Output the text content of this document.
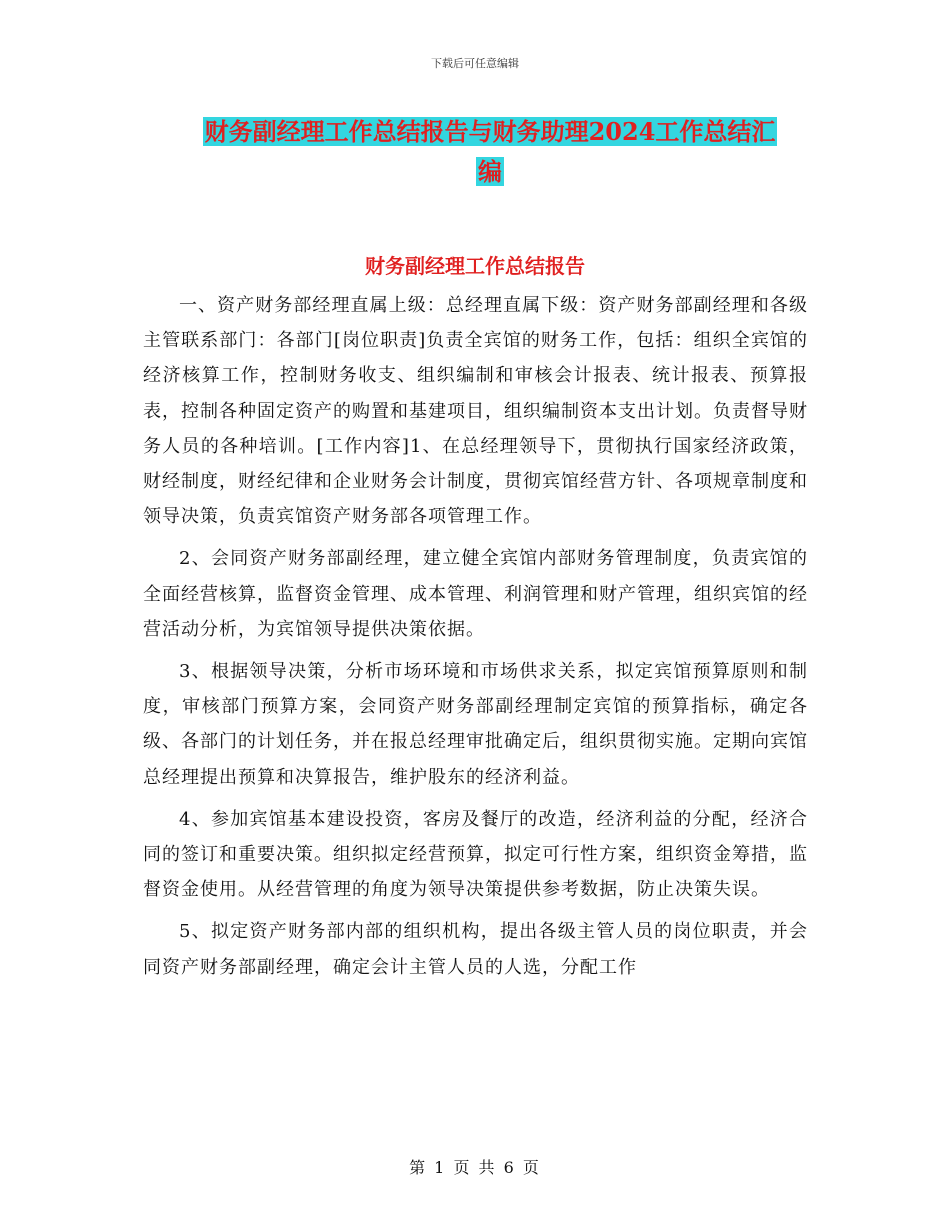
下载后可任意编辑
财务副经理工作总结报告与财务助理2024工作总结汇
编
财务副经理工作总结报告

一、资产财务部经理直属上级：总经理直属下级：资产财务部副经理和各级主管联系部门：各部门[岗位职责]负责全宾馆的财务工作，包括：组织全宾馆的经济核算工作，控制财务收支、组织编制和审核会计报表、统计报表、预算报表，控制各种固定资产的购置和基建项目，组织编制资本支出计划。负责督导财务人员的各种培训。[工作内容]1、在总经理领导下，贯彻执行国家经济政策，财经制度，财经纪律和企业财务会计制度，贯彻宾馆经营方针、各项规章制度和领导决策，负责宾馆资产财务部各项管理工作。

2、会同资产财务部副经理，建立健全宾馆内部财务管理制度，负责宾馆的全面经营核算，监督资金管理、成本管理、利润管理和财产管理，组织宾馆的经营活动分析，为宾馆领导提供决策依据。

3、根据领导决策，分析市场环境和市场供求关系，拟定宾馆预算原则和制度，审核部门预算方案，会同资产财务部副经理制定宾馆的预算指标，确定各级、各部门的计划任务，并在报总经理审批确定后，组织贯彻实施。定期向宾馆总经理提出预算和决算报告，维护股东的经济利益。

4、参加宾馆基本建设投资，客房及餐厅的改造，经济利益的分配，经济合同的签订和重要决策。组织拟定经营预算，拟定可行性方案，组织资金筹措，监督资金使用。从经营管理的角度为领导决策提供参考数据，防止决策失误。

5、拟定资产财务部内部的组织机构，提出各级主管人员的岗位职责，并会同资产财务部副经理，确定会计主管人员的人选，分配工作

第 1 页 共 6 页
